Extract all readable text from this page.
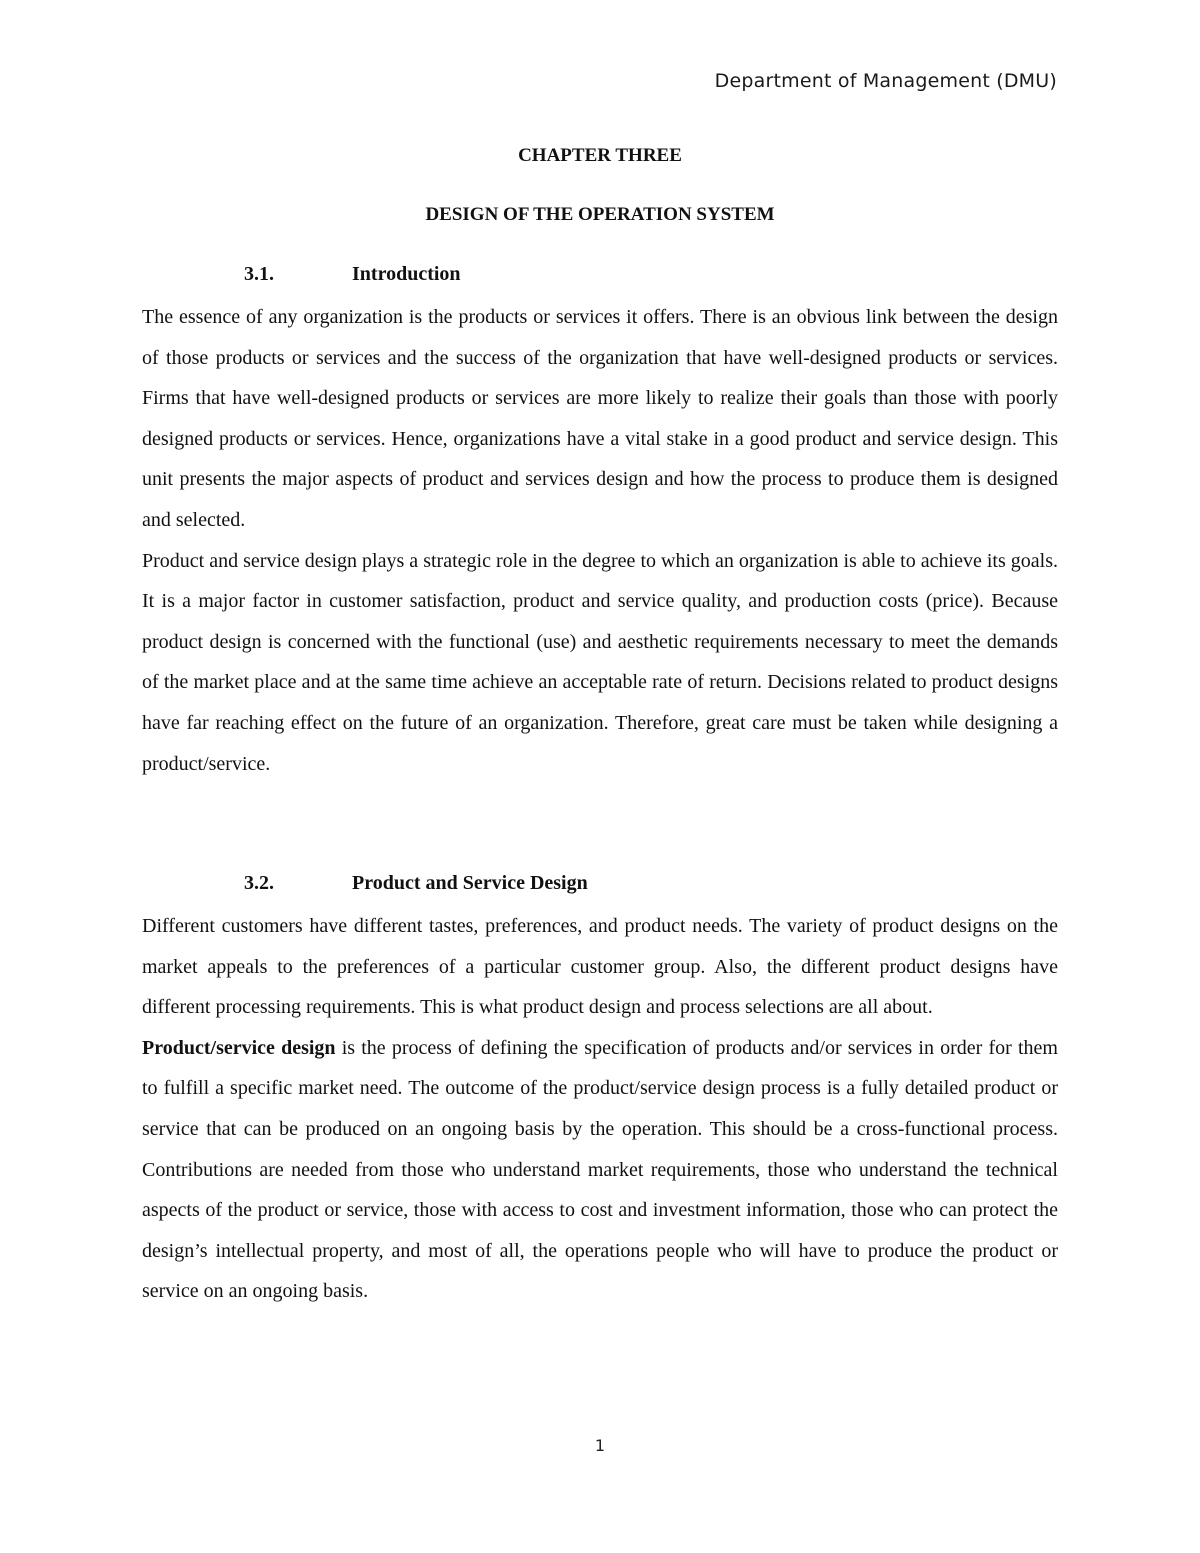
Department of Management (DMU)
CHAPTER THREE
DESIGN OF THE OPERATION SYSTEM
3.1.	Introduction

The essence of any organization is the products or services it offers. There is an obvious link between the design of those products or services and the success of the organization that have well-designed products or services. Firms that have well-designed products or services are more likely to realize their goals than those with poorly designed products or services. Hence, organizations have a vital stake in a good product and service design. This unit presents the major aspects of product and services design and how the process to produce them is designed and selected.

Product and service design plays a strategic role in the degree to which an organization is able to achieve its goals. It is a major factor in customer satisfaction, product and service quality, and production costs (price). Because product design is concerned with the functional (use) and aesthetic requirements necessary to meet the demands of the market place and at the same time achieve an acceptable rate of return. Decisions related to product designs have far reaching effect on the future of an organization. Therefore, great care must be taken while designing a product/service.

3.2.	Product and Service Design

Different customers have different tastes, preferences, and product needs. The variety of product designs on the market appeals to the preferences of a particular customer group. Also, the different product designs have different processing requirements. This is what product design and process selections are all about.

Product/service design is the process of defining the specification of products and/or services in order for them to fulfill a specific market need. The outcome of the product/service design process is a fully detailed product or service that can be produced on an ongoing basis by the operation. This should be a cross-functional process. Contributions are needed from those who understand market requirements, those who understand the technical aspects of the product or service, those with access to cost and investment information, those who can protect the design’s intellectual property, and most of all, the operations people who will have to produce the product or service on an ongoing basis.

1
